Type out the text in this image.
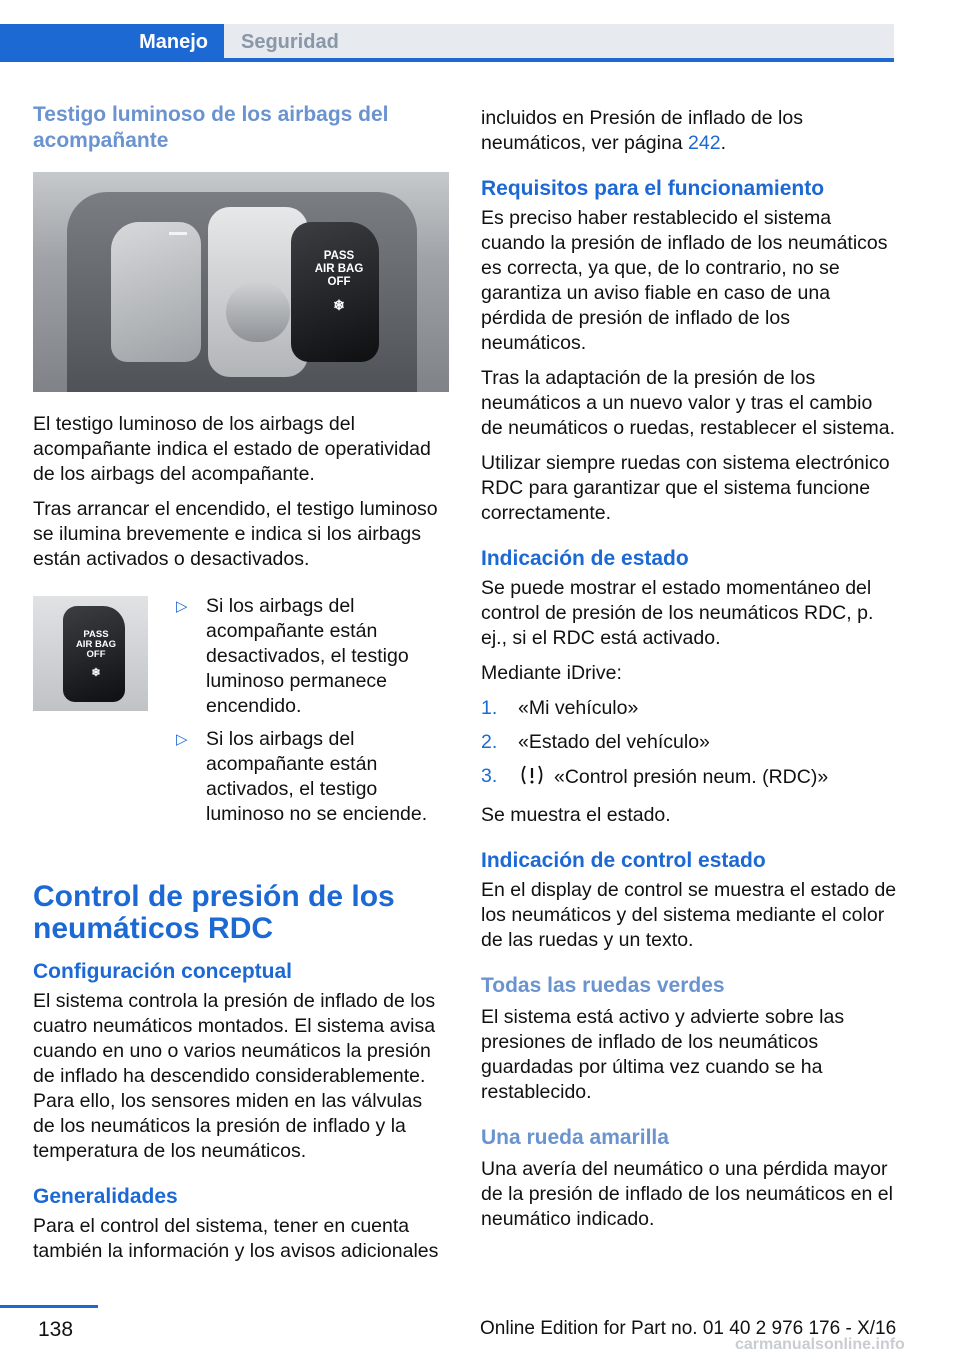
Manejo Seguridad
Testigo luminoso de los airbags del acompañante
PASS
AIR BAG
OFF
❄

El testigo luminoso de los airbags del acompañante indica el estado de operatividad de los airbags del acompañante.

Tras arrancar el encendido, el testigo luminoso se ilumina brevemente e indica si los airbags están activados o desactivados.

PASS
AIR BAG
OFF
❄
▷ Si los airbags del acompañante están desactivados, el testigo luminoso permanece encendido.
▷ Si los airbags del acompañante están activados, el testigo luminoso no se enciende.
Control de presión de los neumáticos RDC
Configuración conceptual

El sistema controla la presión de inflado de los cuatro neumáticos montados. El sistema avisa cuando en uno o varios neumáticos la presión de inflado ha descendido considerablemente. Para ello, los sensores miden en las válvulas de los neumáticos la presión de inflado y la temperatura de los neumáticos.

Generalidades

Para el control del sistema, tener en cuenta también la información y los avisos adicionales

incluidos en Presión de inflado de los neumáticos, ver página 242.

Requisitos para el funcionamiento

Es preciso haber restablecido el sistema cuando la presión de inflado de los neumáticos es correcta, ya que, de lo contrario, no se garantiza un aviso fiable en caso de una pérdida de presión de inflado de los neumáticos.

Tras la adaptación de la presión de los neumáticos a un nuevo valor y tras el cambio de neumáticos o ruedas, restablecer el sistema.

Utilizar siempre ruedas con sistema electrónico RDC para garantizar que el sistema funcione correctamente.

Indicación de estado

Se puede mostrar el estado momentáneo del control de presión de los neumáticos RDC, p. ej., si el RDC está activado.

Mediante iDrive:

1. «Mi vehículo»
2. «Estado del vehículo»
3.	«Control presión neum. (RDC)»

Se muestra el estado.

Indicación de control estado

En el display de control se muestra el estado de los neumáticos y del sistema mediante el color de las ruedas y un texto.

Todas las ruedas verdes

El sistema está activo y advierte sobre las presiones de inflado de los neumáticos guardadas por última vez cuando se ha restablecido.

Una rueda amarilla

Una avería del neumático o una pérdida mayor de la presión de inflado de los neumáticos en el neumático indicado.

138	Online Edition for Part no. 01 40 2 976 176 - X/16
carmanualsonline.info
